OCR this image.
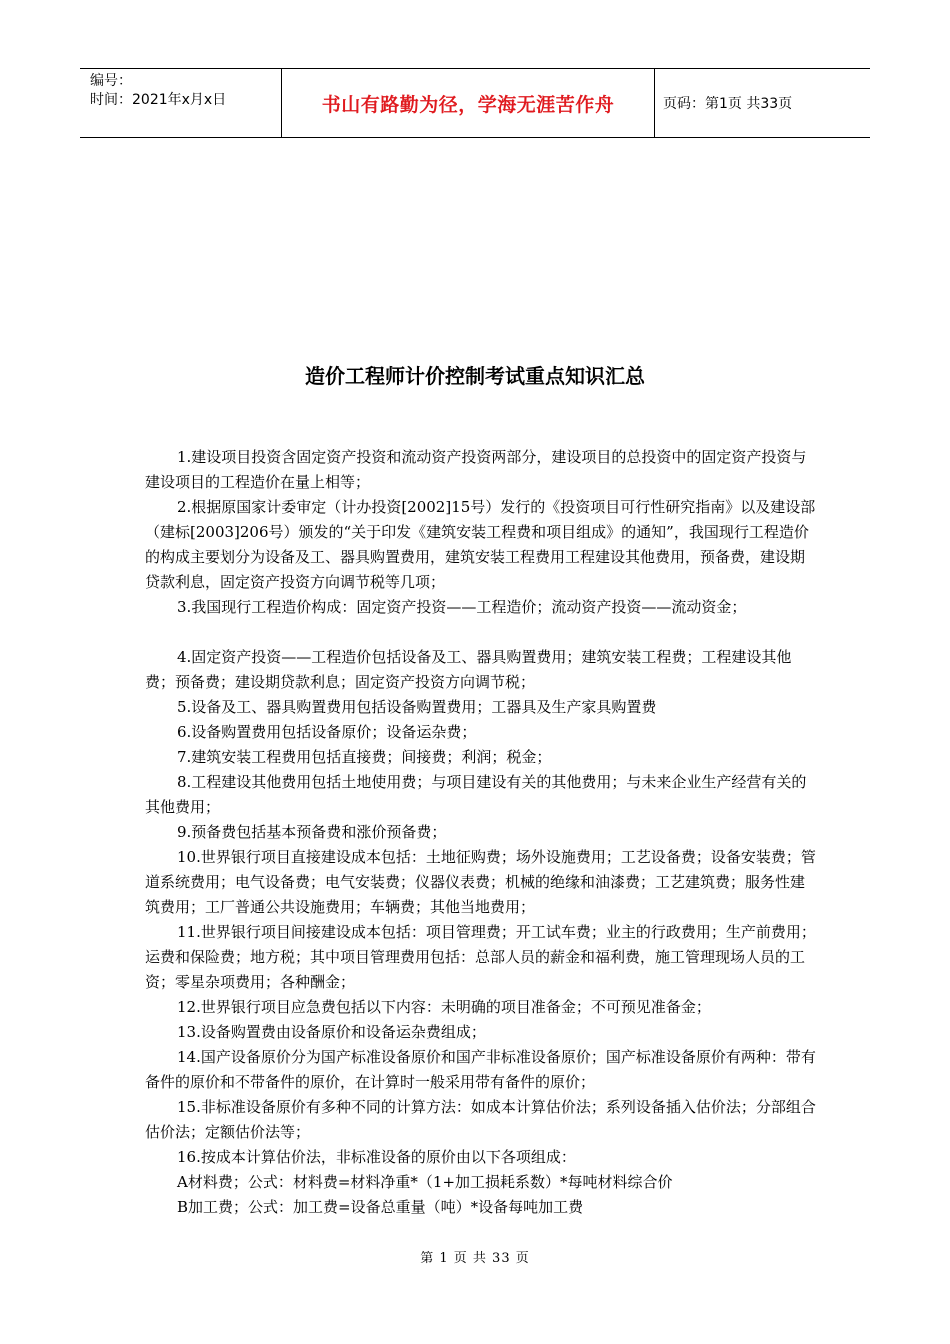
编号：
时间：2021年x月x日	书山有路勤为径，学海无涯苦作舟	页码：第1页 共33页
造价工程师计价控制考试重点知识汇总

1.建设项目投资含固定资产投资和流动资产投资两部分，建设项目的总投资中的固定资产投资与建设项目的工程造价在量上相等；

2.根据原国家计委审定（计办投资[2002]15号）发行的《投资项目可行性研究指南》以及建设部（建标[2003]206号）颁发的“关于印发《建筑安装工程费和项目组成》的通知”，我国现行工程造价的构成主要划分为设备及工、器具购置费用，建筑安装工程费用工程建设其他费用，预备费，建设期贷款利息，固定资产投资方向调节税等几项；

3.我国现行工程造价构成：固定资产投资——工程造价；流动资产投资——流动资金；

4.固定资产投资——工程造价包括设备及工、器具购置费用；建筑安装工程费；工程建设其他费；预备费；建设期贷款利息；固定资产投资方向调节税；

5.设备及工、器具购置费用包括设备购置费用；工器具及生产家具购置费

6.设备购置费用包括设备原价；设备运杂费；

7.建筑安装工程费用包括直接费；间接费；利润；税金；

8.工程建设其他费用包括土地使用费；与项目建设有关的其他费用；与未来企业生产经营有关的其他费用；

9.预备费包括基本预备费和涨价预备费；

10.世界银行项目直接建设成本包括：土地征购费；场外设施费用；工艺设备费；设备安装费；管道系统费用；电气设备费；电气安装费；仪器仪表费；机械的绝缘和油漆费；工艺建筑费；服务性建筑费用；工厂普通公共设施费用；车辆费；其他当地费用；

11.世界银行项目间接建设成本包括：项目管理费；开工试车费；业主的行政费用；生产前费用；运费和保险费；地方税；其中项目管理费用包括：总部人员的薪金和福利费，施工管理现场人员的工资；零星杂项费用；各种酬金；

12.世界银行项目应急费包括以下内容：未明确的项目准备金；不可预见准备金；

13.设备购置费由设备原价和设备运杂费组成；

14.国产设备原价分为国产标准设备原价和国产非标准设备原价；国产标准设备原价有两种：带有备件的原价和不带备件的原价，在计算时一般采用带有备件的原价；

15.非标准设备原价有多种不同的计算方法：如成本计算估价法；系列设备插入估价法；分部组合估价法；定额估价法等；

16.按成本计算估价法，非标准设备的原价由以下各项组成：

A材料费；公式：材料费=材料净重*（1+加工损耗系数）*每吨材料综合价

B加工费；公式：加工费=设备总重量（吨）*设备每吨加工费

第 1 页 共 33 页
